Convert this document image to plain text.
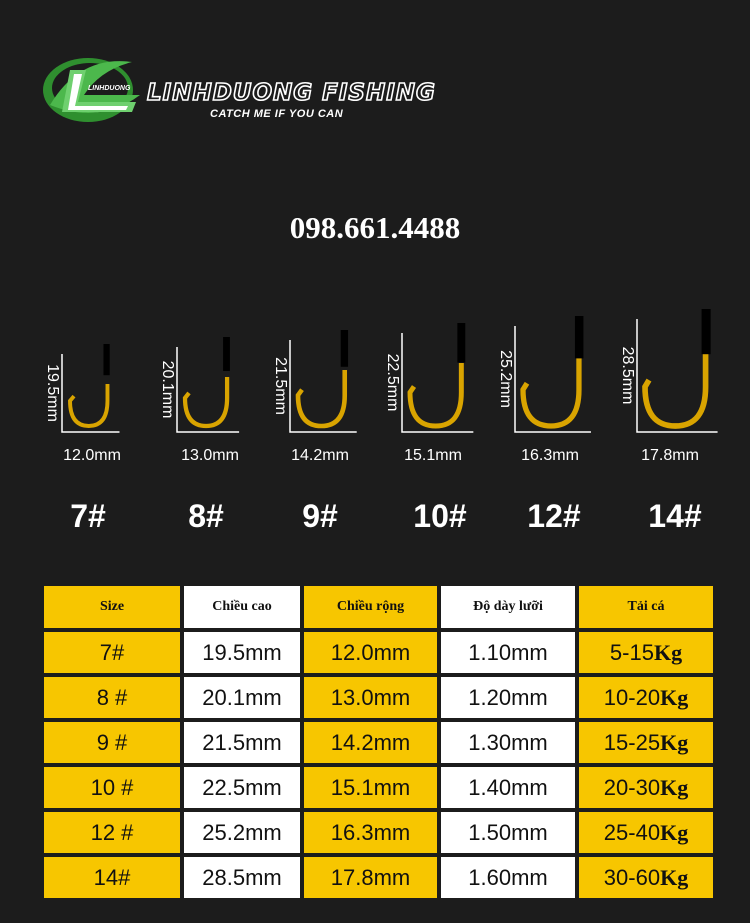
LINHDUONG LINHDUONG FISHING
CATCH ME IF YOU CAN
098.661.4488
19.5mm
12.0mm
20.1mm
13.0mm
21.5mm
14.2mm
22.5mm
15.1mm
25.2mm
16.3mm
28.5mm
17.8mm
7#	8#	9#	10#	12#	14#
Size	Chiều cao	Chiều rộng	Độ dày lưỡi	Tải cá
7#	19.5mm	12.0mm	1.10mm	5-15Kg
8 #	20.1mm	13.0mm	1.20mm	10-20Kg
9 #	21.5mm	14.2mm	1.30mm	15-25Kg
10 #	22.5mm	15.1mm	1.40mm	20-30Kg
12 #	25.2mm	16.3mm	1.50mm	25-40Kg
14#	28.5mm	17.8mm	1.60mm	30-60Kg
